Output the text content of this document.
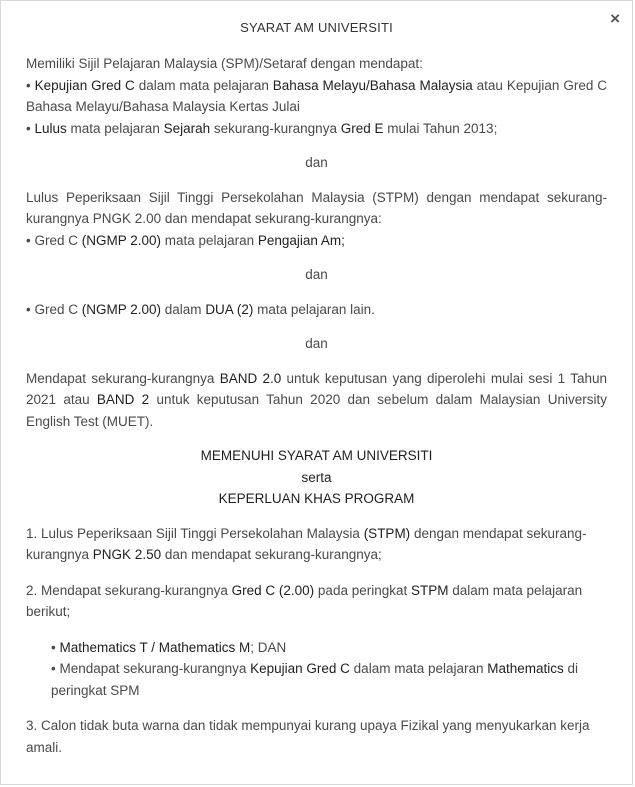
×
SYARAT AM UNIVERSITI

Memiliki Sijil Pelajaran Malaysia (SPM)/Setaraf dengan mendapat:

• Kepujian Gred C dalam mata pelajaran Bahasa Melayu/Bahasa Malaysia atau Kepujian Gred C Bahasa Melayu/Bahasa Malaysia Kertas Julai

• Lulus mata pelajaran Sejarah sekurang-kurangnya Gred E mulai Tahun 2013;

dan

Lulus Peperiksaan Sijil Tinggi Persekolahan Malaysia (STPM) dengan mendapat sekurang-kurangnya PNGK 2.00 dan mendapat sekurang-kurangnya:

• Gred C (NGMP 2.00) mata pelajaran Pengajian Am;

dan

• Gred C (NGMP 2.00) dalam DUA (2) mata pelajaran lain.

dan

Mendapat sekurang-kurangnya BAND 2.0 untuk keputusan yang diperolehi mulai sesi 1 Tahun 2021 atau BAND 2 untuk keputusan Tahun 2020 dan sebelum dalam Malaysian University English Test (MUET).

MEMENUHI SYARAT AM UNIVERSITI

serta

KEPERLUAN KHAS PROGRAM

1. Lulus Peperiksaan Sijil Tinggi Persekolahan Malaysia (STPM) dengan mendapat sekurang-kurangnya PNGK 2.50 dan mendapat sekurang-kurangnya;

2. Mendapat sekurang-kurangnya Gred C (2.00) pada peringkat STPM dalam mata pelajaran berikut;

• Mathematics T / Mathematics M; DAN

• Mendapat sekurang-kurangnya Kepujian Gred C dalam mata pelajaran Mathematics di peringkat SPM

3. Calon tidak buta warna dan tidak mempunyai kurang upaya Fizikal yang menyukarkan kerja amali.
